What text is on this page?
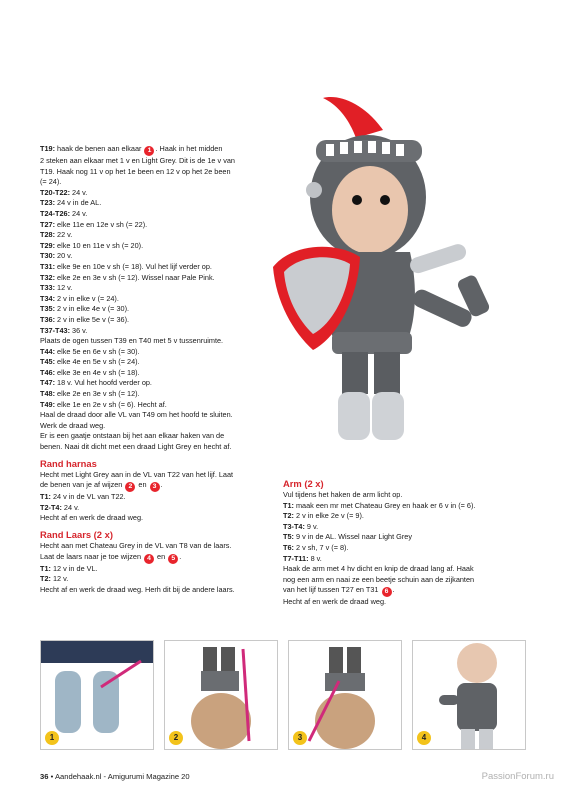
T19: haak de benen aan elkaar 1 . Haak in het midden
2 steken aan elkaar met 1 v en Light Grey. Dit is de 1e v van
T19. Haak nog 11 v op het 1e been en 12 v op het 2e been
(= 24).
T20-T22: 24 v.
T23: 24 v in de AL.
T24-T26: 24 v.
T27: elke 11e en 12e v sh (= 22).
T28: 22 v.
T29: elke 10 en 11e v sh (= 20).
T30: 20 v.
T31: elke 9e en 10e v sh (= 18). Vul het lijf verder op.
T32: elke 2e en 3e v sh (= 12). Wissel naar Pale Pink.
T33: 12 v.
T34: 2 v in elke v (= 24).
T35: 2 v in elke 4e v (= 30).
T36: 2 v in elke 5e v (= 36).
T37-T43: 36 v.
Plaats de ogen tussen T39 en T40 met 5 v tussenruimte.
T44: elke 5e en 6e v sh (= 30).
T45: elke 4e en 5e v sh (= 24).
T46: elke 3e en 4e v sh (= 18).
T47: 18 v. Vul het hoofd verder op.
T48: elke 2e en 3e v sh (= 12).
T49: elke 1e en 2e v sh (= 6). Hecht af.
Haal de draad door alle VL van T49 om het hoofd te sluiten.
Werk de draad weg.
Er is een gaatje ontstaan bij het aan elkaar haken van de
benen. Naai dit dicht met een draad Light Grey en hecht af.
Rand harnas
Hecht met Light Grey aan in de VL van T22 van het lijf. Laat
de benen van je af wijzen 2 en 3 .
T1: 24 v in de VL van T22.
T2-T4: 24 v.
Hecht af en werk de draad weg.
Rand Laars (2 x)
Hecht aan met Chateau Grey in de VL van T8 van de laars.
Laat de laars naar je toe wijzen 4 en 5 .
T1: 12 v in de VL.
T2: 12 v.
Hecht af en werk de draad weg. Herh dit bij de andere laars.
Arm (2 x)
Vul tijdens het haken de arm licht op.
T1: maak een mr met Chateau Grey en haak er 6 v in (= 6).
T2: 2 v in elke 2e v (= 9).
T3-T4: 9 v.
T5: 9 v in de AL. Wissel naar Light Grey
T6: 2 v sh, 7 v (= 8).
T7-T11: 8 v.
Haak de arm met 4 hv dicht en knip de draad lang af. Haak
nog een arm en naai ze een beetje schuin aan de zijkanten
van het lijf tussen T27 en T31 6 .
Hecht af en werk de draad weg.
1	2	3	4
36 • Aandehaak.nl - Amigurumi Magazine 20	PassionForum.ru
